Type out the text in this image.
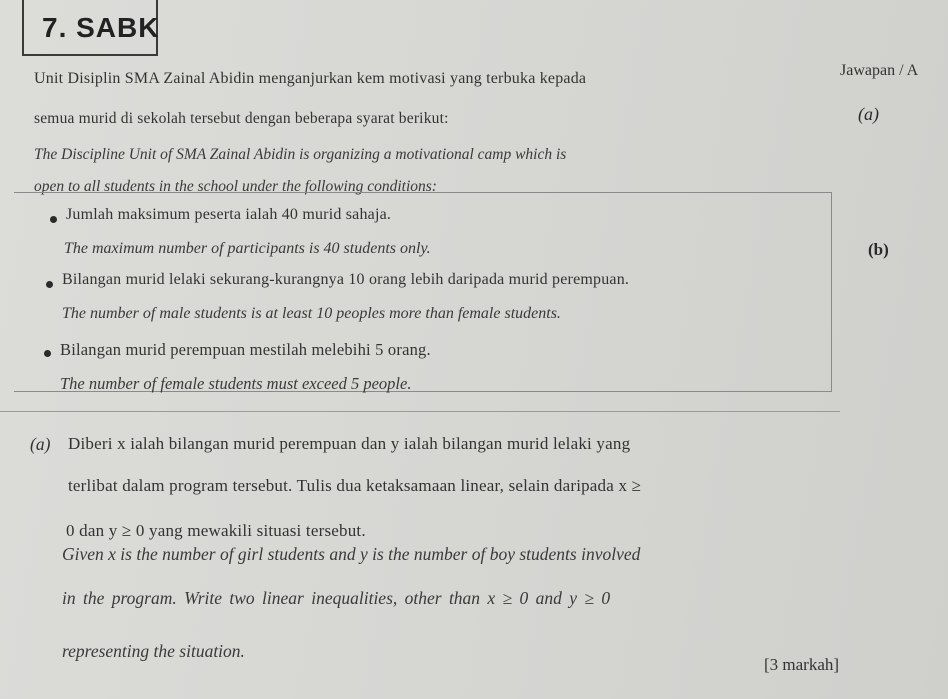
7. SABK
Jawapan / A
(a)
(b)
Unit Disiplin SMA Zainal Abidin menganjurkan kem motivasi yang terbuka kepada
semua murid di sekolah tersebut dengan beberapa syarat berikut:
The Discipline Unit of SMA Zainal Abidin is organizing a motivational camp which is
open to all students in the school under the following conditions:
Jumlah maksimum peserta ialah 40 murid sahaja.
The maximum number of participants is 40 students only.
Bilangan murid lelaki sekurang-kurangnya 10 orang lebih daripada murid perempuan.
The number of male students is at least 10 peoples more than female students.
Bilangan murid perempuan mestilah melebihi 5 orang.
The number of female students must exceed 5 people.
(a) Diberi x ialah bilangan murid perempuan dan y ialah bilangan murid lelaki yang
terlibat dalam program tersebut. Tulis dua ketaksamaan linear, selain daripada x ≥
0 dan y ≥ 0 yang mewakili situasi tersebut.
Given x is the number of girl students and y is the number of boy students involved
in the program. Write two linear inequalities, other than x ≥ 0 and y ≥ 0
representing the situation.
[3 markah]
